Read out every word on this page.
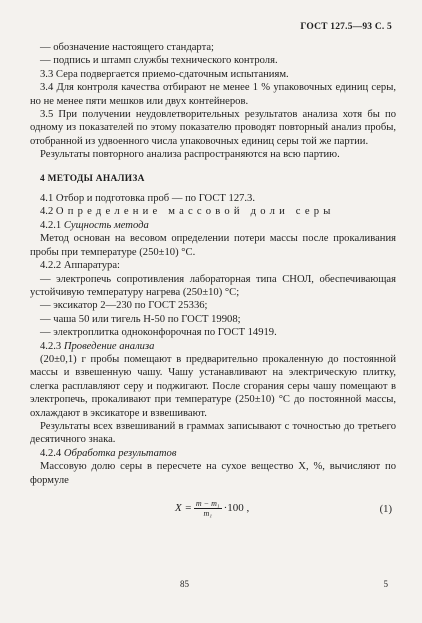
ГОСТ 127.5—93 С. 5

— обозначение настоящего стандарта;

— подпись и штамп службы технического контроля.

3.3 Сера подвергается приемо-сдаточным испытаниям.

3.4 Для контроля качества отбирают не менее 1 % упаковочных единиц серы, но не менее пяти мешков или двух контейнеров.

3.5 При получении неудовлетворительных результатов анализа хотя бы по одному из показателей по этому показателю проводят повторный анализ пробы, отобранной из удвоенного числа упаковочных единиц серы той же партии.

Результаты повторного анализа распространяются на всю партию.

4 МЕТОДЫ АНАЛИЗА

4.1 Отбор и подготовка проб — по ГОСТ 127.3.

4.2 Определение массовой доли серы

4.2.1 Сущность метода

Метод основан на весовом определении потери массы после прокаливания пробы при температуре (250±10) °С.

4.2.2 Аппаратура:

— электропечь сопротивления лабораторная типа СНОЛ, обеспечивающая устойчивую температуру нагрева (250±10) °С;

— эксикатор 2—230 по ГОСТ 25336;

— чаша 50 или тигель Н-50 по ГОСТ 19908;

— электроплитка одноконфорочная по ГОСТ 14919.

4.2.3 Проведение анализа

(20±0,1) г пробы помещают в предварительно прокаленную до постоянной массы и взвешенную чашу. Чашу устанавливают на электрическую плитку, слегка расплавляют серу и поджигают. После сгорания серы чашу помещают в электропечь, прокаливают при температуре (250±10) °С до постоянной массы, охлаждают в эксикаторе и взвешивают.

Результаты всех взвешиваний в граммах записывают с точностью до третьего десятичного знака.

4.2.4 Обработка результатов

Массовую долю серы в пересчете на сухое вещество X, %, вычисляют по формуле

$X = \frac{\text{m − m₁}}{\text{m₁}} \cdot 100$ ,	(1)
85	5
